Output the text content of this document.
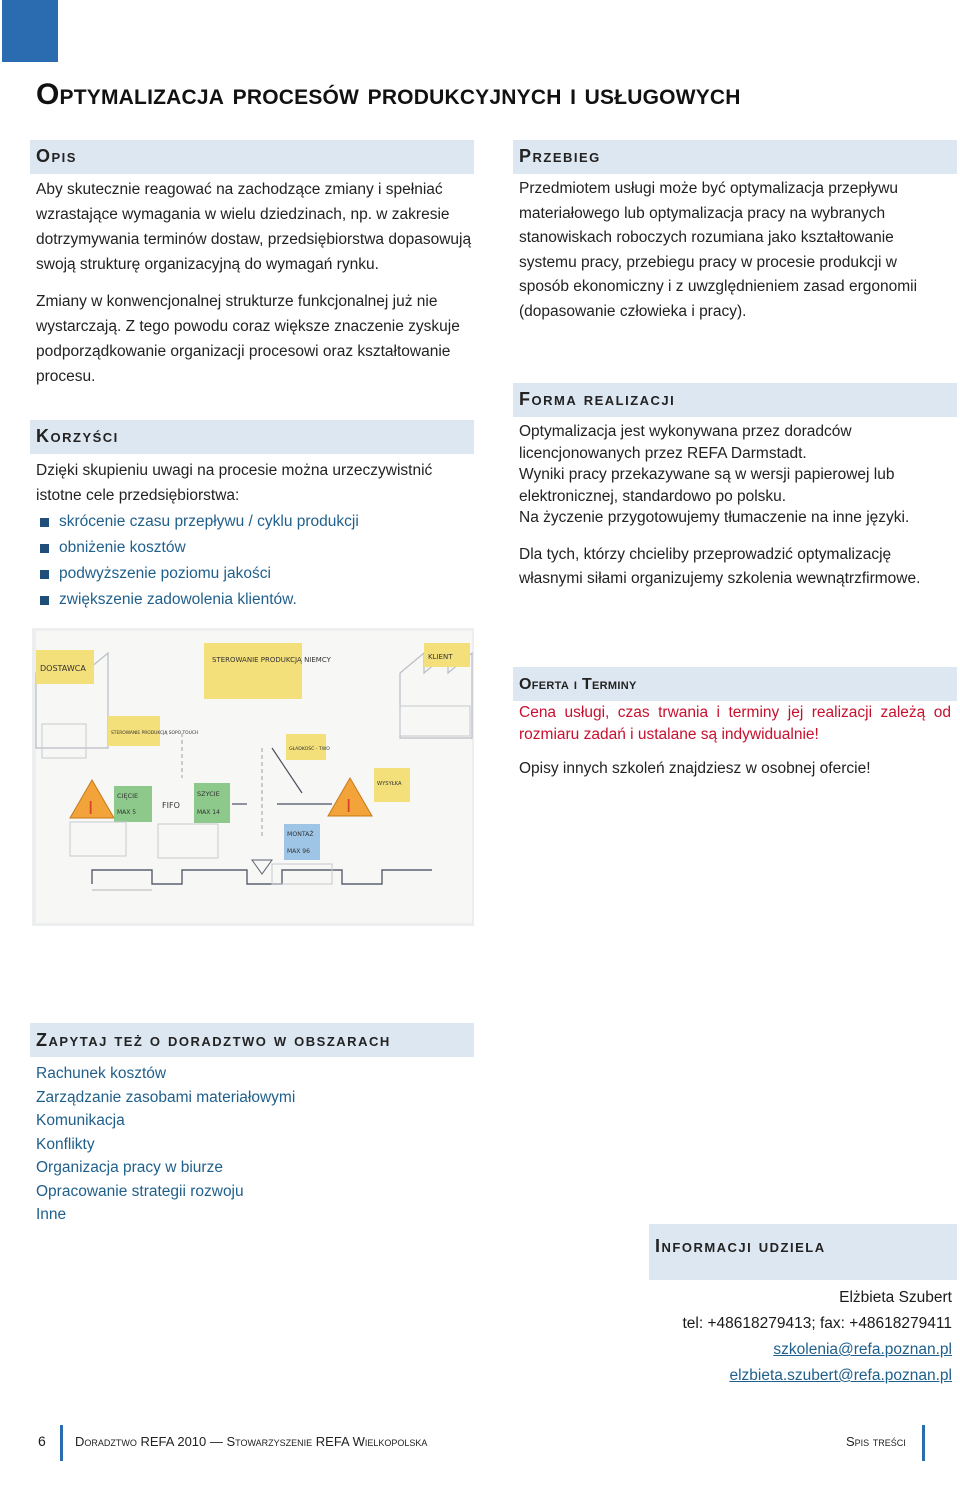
Optymalizacja procesów produkcyjnych i usługowych
Opis

Aby skutecznie reagować na zachodzące zmiany i spełniać wzrastające wymagania w wielu dziedzinach, np. w zakresie dotrzymywania terminów dostaw, przedsiębiorstwa dopasowują swoją strukturę organizacyjną do wymagań rynku.

Zmiany w konwencjonalnej strukturze funkcjonalnej już nie wystarczają. Z tego powodu coraz większe znaczenie zyskuje podporządkowanie organizacji procesowi oraz kształtowanie procesu.

Korzyści
Dzięki skupieniu uwagi na procesie można urzeczywistnić istotne cele przedsiębiorstwa:
skrócenie czasu przepływu / cyklu produkcji
obniżenie kosztów
podwyższenie poziomu jakości
zwiększenie zadowolenia klientów.
Przebieg
Przedmiotem usługi może być optymalizacja przepływu materiałowego lub optymalizacja pracy na wybranych stanowiskach roboczych rozumiana jako kształtowanie systemu pracy, przebiegu pracy w procesie produkcji w sposób ekonomiczny i z uwzględnieniem zasad ergonomii (dopasowanie człowieka i pracy).
Forma realizacji

Optymalizacja jest wykonywana przez doradców licencjonowanych przez REFA Darmstadt.

Wyniki pracy przekazywane są w wersji papierowej lub elektronicznej, standardowo po polsku.

Na życzenie przygotowujemy tłumaczenie na inne języki.

Dla tych, którzy chcieliby przeprowadzić optymalizację własnymi siłami organizujemy szkolenia wewnątrzfirmowe.

I	I
DOSTAWCA
STEROWANIE PRODUKCJĄ NIEMCY	KLIENT
STEROWANIE PRODUKCJĄ SOPO TOUCH
GŁADKOŚĆ - TWO
CIĘCIE
MAX 5
FIFO
SZYCIE
MAX 14
WYSYŁKA
MONTAŻ
MAX 96
Oferta i Terminy
Cena usługi, czas trwania i terminy jej realizacji zależą od rozmiaru zadań i ustalane są indywidualnie!
Opisy innych szkoleń znajdziesz w osobnej ofercie!
Zapytaj też o doradztwo w obszarach
Rachunek kosztów
Zarządzanie zasobami materiałowymi
Komunikacja
Konflikty
Organizacja pracy w biurze
Opracowanie strategii rozwoju
Inne
Informacji udziela
Elżbieta Szubert
tel: +48618279413; fax: +48618279411
szkolenia@refa.poznan.pl
elzbieta.szubert@refa.poznan.pl
6 Doradztwo REFA 2010 — Stowarzyszenie REFA Wielkopolska	Spis treści
